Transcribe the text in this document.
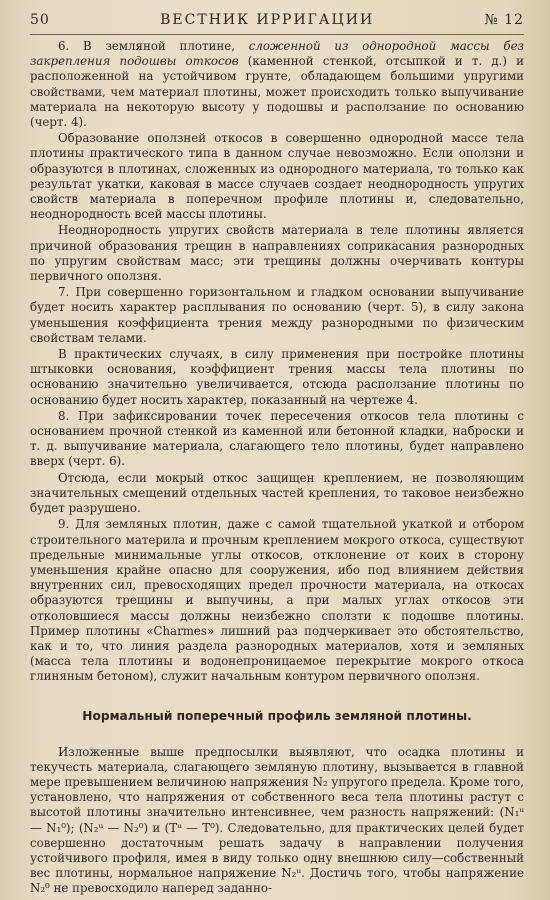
50	ВЕСТНИК ИРРИГАЦИИ	№ 12

6. В земляной плотине, сложенной из однородной массы без закрепления подошвы откосов (каменной стенкой, отсыпкой и т. д.) и расположенной на устойчивом грунте, обладающем большими упругими свойствами, чем материал плотины, может происходить только выпучивание материала на некоторую высоту у подошвы и расползание по основанию (черт. 4).

Образование оползней откосов в совершенно однородной массе тела плотины практического типа в данном случае невозможно. Если оползни и образуются в плотинах, сложенных из однородного материала, то только как результат укатки, каковая в массе случаев создает неоднородность упругих свойств материала в поперечном профиле плотины и, следовательно, неоднородность всей массы плотины.

Неоднородность упругих свойств материала в теле плотины является причиной образования трещин в направлениях соприкасания разнородных по упругим свойствам масс; эти трещины должны очерчивать контуры первичного оползня.

7. При совершенно горизонтальном и гладком основании выпучивание будет носить характер расплывания по основанию (черт. 5), в силу закона уменьшения коэффициента трения между разнородными по физическим свойствам телами.

В практических случаях, в силу применения при постройке плотины штыковки основания, коэффициент трения массы тела плотины по основанию значительно увеличивается, отсюда расползание плотины по основанию будет носить характер, показанный на чертеже 4.

8. При зафиксировании точек пересечения откосов тела плотины с основанием прочной стенкой из каменной или бетонной кладки, наброски и т. д. выпучивание материала, слагающего тело плотины, будет направлено вверх (черт. 6).

Отсюда, если мокрый откос защищен креплением, не позволяющим значительных смещений отдельных частей крепления, то таковое неизбежно будет разрушено.

9. Для земляных плотин, даже с самой тщательной укаткой и отбором строительного материла и прочным креплением мокрого откоса, существуют предельные минимальные углы откосов, отклонение от коих в сторону уменьшения крайне опасно для сооружения, ибо под влиянием действия внутренних сил, превосходящих предел прочности материала, на откосах образуются трещины и выпучины, а при малых углах откосов эти отколовшиеся массы должны неизбежно сползти к подошве плотины. Пример плотины «Charmes» лишний раз подчеркивает это обстоятельство, как и то, что линия раздела разнородных материалов, хотя и земляных (масса тела плотины и водонепроницаемое перекрытие мокрого откоса глиняным бетоном), служит начальным контуром первичного оползня.

Нормальный поперечный профиль земляной плотины.

Изложенные выше предпосылки выявляют, что осадка плотины и текучесть материала, слагающего земляную плотину, вызывается в главной мере превышением величиною напряжения N₂ упругого предела. Кроме того, установлено, что напряжения от собственного веса тела плотины растут с высотой плотины значительно интенсивнее, чем разность напряжений: (N₁ᵘ — N₁⁰); (N₂ᵘ — N₂⁰) и (Tᵘ — T⁰). Следовательно, для практических целей будет совершенно достаточным решать задачу в направлении получения устойчивого профиля, имея в виду только одну внешнюю силу—собственный вес плотины, нормальное напряжение N₂ᵘ. Достичь того, чтобы напряжение N₂⁰ не превосходило наперед заданно-
